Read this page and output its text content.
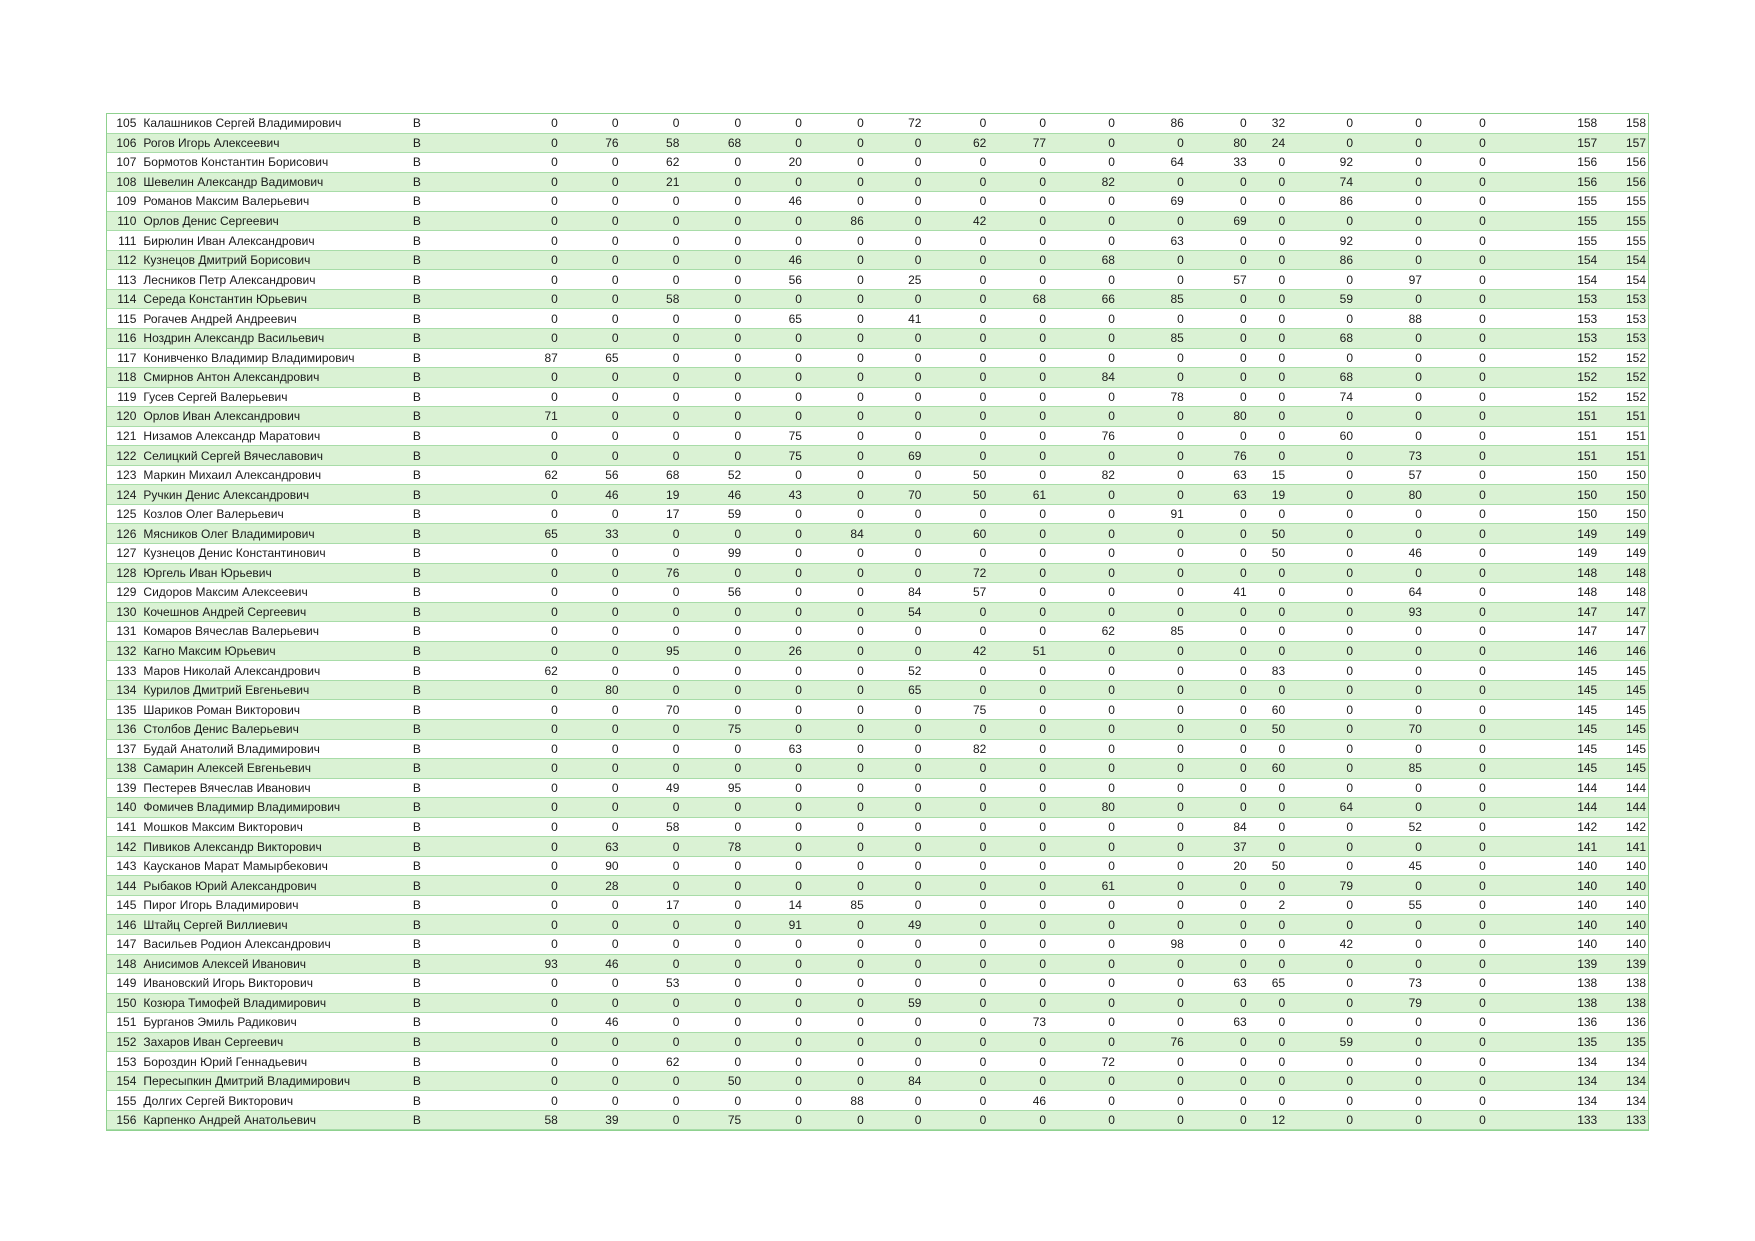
105	Калашников Сергей Владимирович	В	0	0	0	0	0	0	72	0	0	0	86	0	32	0	0	0	158	158
106	Рогов Игорь Алексеевич	В	0	76	58	68	0	0	0	62	77	0	0	80	24	0	0	0	157	157
107	Бормотов Константин Борисович	В	0	0	62	0	20	0	0	0	0	0	64	33	0	92	0	0	156	156
108	Шевелин Александр Вадимович	В	0	0	21	0	0	0	0	0	0	82	0	0	0	74	0	0	156	156
109	Романов Максим Валерьевич	В	0	0	0	0	46	0	0	0	0	0	69	0	0	86	0	0	155	155
110	Орлов Денис Сергеевич	В	0	0	0	0	0	86	0	42	0	0	0	69	0	0	0	0	155	155
111	Бирюлин Иван Александрович	В	0	0	0	0	0	0	0	0	0	0	63	0	0	92	0	0	155	155
112	Кузнецов Дмитрий Борисович	В	0	0	0	0	46	0	0	0	0	68	0	0	0	86	0	0	154	154
113	Лесников Петр Александрович	В	0	0	0	0	56	0	25	0	0	0	0	57	0	0	97	0	154	154
114	Середа Константин Юрьевич	В	0	0	58	0	0	0	0	0	68	66	85	0	0	59	0	0	153	153
115	Рогачев Андрей Андреевич	В	0	0	0	0	65	0	41	0	0	0	0	0	0	0	88	0	153	153
116	Ноздрин Александр Васильевич	В	0	0	0	0	0	0	0	0	0	0	85	0	0	68	0	0	153	153
117	Конивченко Владимир Владимирович	В	87	65	0	0	0	0	0	0	0	0	0	0	0	0	0	0	152	152
118	Смирнов Антон Александрович	В	0	0	0	0	0	0	0	0	0	84	0	0	0	68	0	0	152	152
119	Гусев Сергей Валерьевич	В	0	0	0	0	0	0	0	0	0	0	78	0	0	74	0	0	152	152
120	Орлов Иван Александрович	В	71	0	0	0	0	0	0	0	0	0	0	80	0	0	0	0	151	151
121	Низамов Александр Маратович	В	0	0	0	0	75	0	0	0	0	76	0	0	0	60	0	0	151	151
122	Селицкий Сергей Вячеславович	В	0	0	0	0	75	0	69	0	0	0	0	76	0	0	73	0	151	151
123	Маркин Михаил Александрович	В	62	56	68	52	0	0	0	50	0	82	0	63	15	0	57	0	150	150
124	Ручкин Денис Александрович	В	0	46	19	46	43	0	70	50	61	0	0	63	19	0	80	0	150	150
125	Козлов Олег Валерьевич	В	0	0	17	59	0	0	0	0	0	0	91	0	0	0	0	0	150	150
126	Мясников Олег Владимирович	В	65	33	0	0	0	84	0	60	0	0	0	0	50	0	0	0	149	149
127	Кузнецов Денис Константинович	В	0	0	0	99	0	0	0	0	0	0	0	0	50	0	46	0	149	149
128	Юргель Иван Юрьевич	В	0	0	76	0	0	0	0	72	0	0	0	0	0	0	0	0	148	148
129	Сидоров Максим Алексеевич	В	0	0	0	56	0	0	84	57	0	0	0	41	0	0	64	0	148	148
130	Кочешнов Андрей Сергеевич	В	0	0	0	0	0	0	54	0	0	0	0	0	0	0	93	0	147	147
131	Комаров Вячеслав Валерьевич	В	0	0	0	0	0	0	0	0	0	62	85	0	0	0	0	0	147	147
132	Кагно Максим Юрьевич	В	0	0	95	0	26	0	0	42	51	0	0	0	0	0	0	0	146	146
133	Маров Николай Александрович	В	62	0	0	0	0	0	52	0	0	0	0	0	83	0	0	0	145	145
134	Курилов Дмитрий Евгеньевич	В	0	80	0	0	0	0	65	0	0	0	0	0	0	0	0	0	145	145
135	Шариков Роман Викторович	В	0	0	70	0	0	0	0	75	0	0	0	0	60	0	0	0	145	145
136	Столбов Денис Валерьевич	В	0	0	0	75	0	0	0	0	0	0	0	0	50	0	70	0	145	145
137	Будай Анатолий Владимирович	В	0	0	0	0	63	0	0	82	0	0	0	0	0	0	0	0	145	145
138	Самарин Алексей Евгеньевич	В	0	0	0	0	0	0	0	0	0	0	0	0	60	0	85	0	145	145
139	Пестерев Вячеслав Иванович	В	0	0	49	95	0	0	0	0	0	0	0	0	0	0	0	0	144	144
140	Фомичев Владимир Владимирович	В	0	0	0	0	0	0	0	0	0	80	0	0	0	64	0	0	144	144
141	Мошков Максим Викторович	В	0	0	58	0	0	0	0	0	0	0	0	84	0	0	52	0	142	142
142	Пивиков Александр Викторович	В	0	63	0	78	0	0	0	0	0	0	0	37	0	0	0	0	141	141
143	Каусканов Марат Мамырбекович	В	0	90	0	0	0	0	0	0	0	0	0	20	50	0	45	0	140	140
144	Рыбаков Юрий Александрович	В	0	28	0	0	0	0	0	0	0	61	0	0	0	79	0	0	140	140
145	Пирог Игорь Владимирович	В	0	0	17	0	14	85	0	0	0	0	0	0	2	0	55	0	140	140
146	Штайц Сергей Виллиевич	В	0	0	0	0	91	0	49	0	0	0	0	0	0	0	0	0	140	140
147	Васильев Родион Александрович	В	0	0	0	0	0	0	0	0	0	0	98	0	0	42	0	0	140	140
148	Анисимов Алексей Иванович	В	93	46	0	0	0	0	0	0	0	0	0	0	0	0	0	0	139	139
149	Ивановский Игорь Викторович	В	0	0	53	0	0	0	0	0	0	0	0	63	65	0	73	0	138	138
150	Козюра Тимофей Владимирович	В	0	0	0	0	0	0	59	0	0	0	0	0	0	0	79	0	138	138
151	Бурганов Эмиль Радикович	В	0	46	0	0	0	0	0	0	73	0	0	63	0	0	0	0	136	136
152	Захаров Иван Сергеевич	В	0	0	0	0	0	0	0	0	0	0	76	0	0	59	0	0	135	135
153	Бороздин Юрий Геннадьевич	В	0	0	62	0	0	0	0	0	0	72	0	0	0	0	0	0	134	134
154	Пересыпкин Дмитрий Владимирович	В	0	0	0	50	0	0	84	0	0	0	0	0	0	0	0	0	134	134
155	Долгих Сергей Викторович	В	0	0	0	0	0	88	0	0	46	0	0	0	0	0	0	0	134	134
156	Карпенко Андрей Анатольевич	В	58	39	0	75	0	0	0	0	0	0	0	0	12	0	0	0	133	133
